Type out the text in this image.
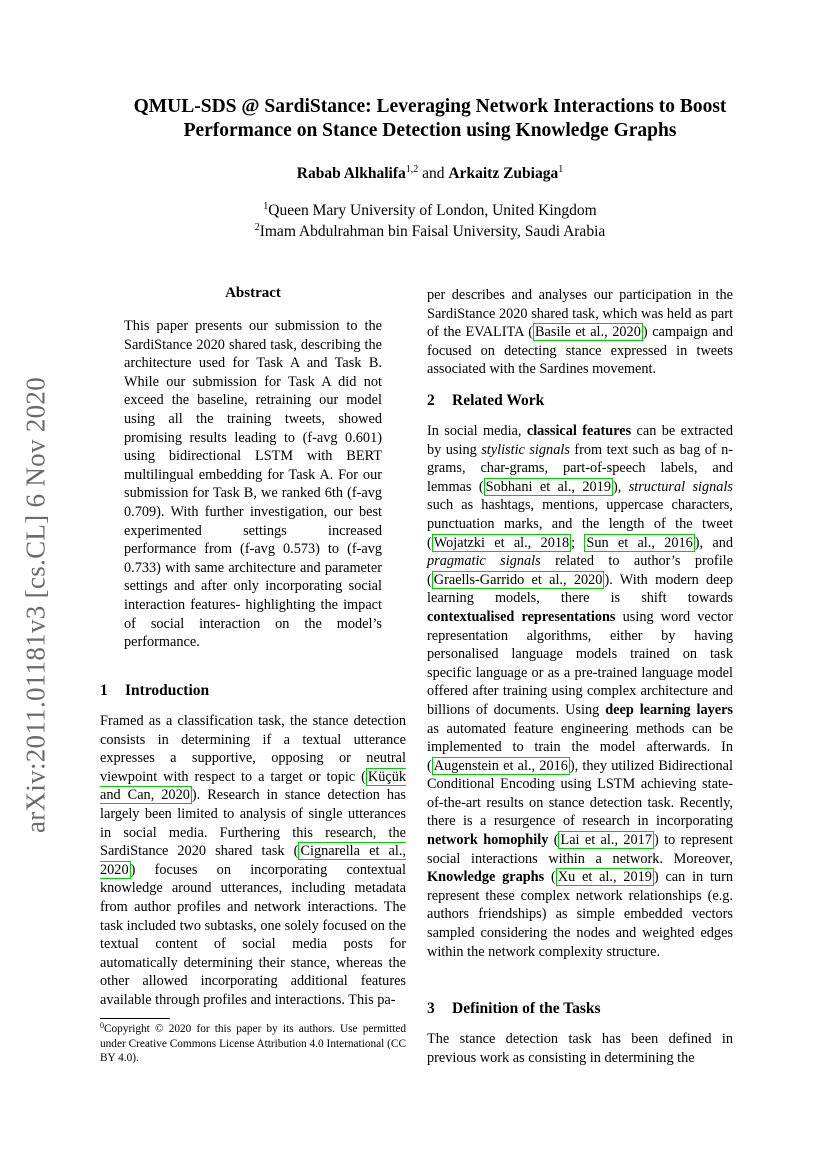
arXiv:2011.01181v3 [cs.CL] 6 Nov 2020
QMUL-SDS @ SardiStance: Leveraging Network Interactions to Boost
Performance on Stance Detection using Knowledge Graphs
Rabab Alkhalifa$^{1,2}$ and Arkaitz Zubiaga$^1$
$^1$Queen Mary University of London, United Kingdom
$^2$Imam Abdulrahman bin Faisal University, Saudi Arabia
Abstract
This paper presents our submission to the SardiStance 2020 shared task, describing the architecture used for Task A and Task B. While our submission for Task A did not exceed the baseline, retraining our model using all the training tweets, showed promising results leading to (f-avg 0.601) using bidirectional LSTM with BERT multilingual embedding for Task A. For our submission for Task B, we ranked 6th (f-avg 0.709). With further investigation, our best experimented settings increased performance from (f-avg 0.573) to (f-avg 0.733) with same architecture and parameter settings and after only incorporating social interaction features- highlighting the impact of social interaction on the model’s performance.
1 Introduction
Framed as a classification task, the stance detection consists in determining if a textual utterance expresses a supportive, opposing or neutral viewpoint with respect to a target or topic ( Küçük and Can, 2020 ). Research in stance detection has largely been limited to analysis of single utterances in social media. Furthering this research, the SardiStance 2020 shared task ( Cignarella et al., 2020 ) focuses on incorporating contextual knowledge around utterances, including metadata from author profiles and network interactions. The task included two subtasks, one solely focused on the textual content of social media posts for automatically determining their stance, whereas the other allowed incorporating additional features available through profiles and interactions. This pa-
$^0$Copyright © 2020 for this paper by its authors. Use permitted under Creative Commons License Attribution 4.0 International (CC BY 4.0).
per describes and analyses our participation in the SardiStance 2020 shared task, which was held as part of the EVALITA ( Basile et al., 2020 ) campaign and focused on detecting stance expressed in tweets associated with the Sardines movement.
2 Related Work
In social media, classical features can be extracted by using stylistic signals from text such as bag of n-grams, char-grams, part-of-speech labels, and lemmas ( Sobhani et al., 2019 ), structural signals such as hashtags, mentions, uppercase characters, punctuation marks, and the length of the tweet ( Wojatzki et al., 2018 ; Sun et al., 2016 ), and pragmatic signals related to author’s profile ( Graells-Garrido et al., 2020 ). With modern deep learning models, there is shift towards contextualised representations using word vector representation algorithms, either by having personalised language models trained on task specific language or as a pre-trained language model offered after training using complex architecture and billions of documents. Using deep learning layers as automated feature engineering methods can be implemented to train the model afterwards. In ( Augenstein et al., 2016 ), they utilized Bidirectional Conditional Encoding using LSTM achieving state-of-the-art results on stance detection task. Recently, there is a resurgence of research in incorporating network homophily ( Lai et al., 2017 ) to represent social interactions within a network. Moreover, Knowledge graphs ( Xu et al., 2019 ) can in turn represent these complex network relationships (e.g. authors friendships) as simple embedded vectors sampled considering the nodes and weighted edges within the network complexity structure.
3 Definition of the Tasks
The stance detection task has been defined in previous work as consisting in determining the
